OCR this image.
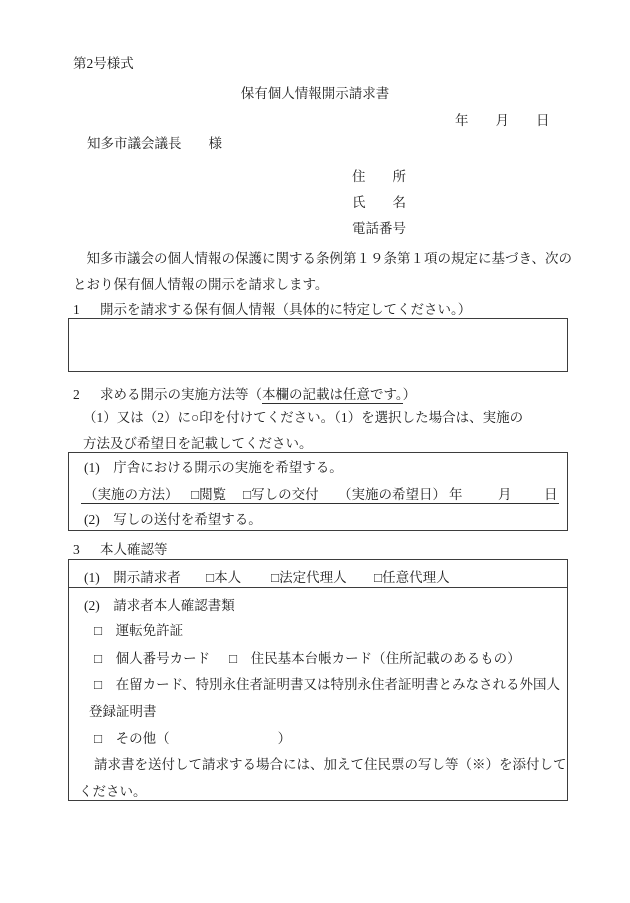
第2号様式
保有個人情報開示請求書
年　　月　　日
知多市議会議長　　様
住　　所
氏　　名
電話番号
　知多市議会の個人情報の保護に関する条例第１９条第１項の規定に基づき、次の
とおり保有個人情報の開示を請求します。
1 開示を請求する保有個人情報（具体的に特定してください。）
2 求める開示の実施方法等（本欄の記載は任意です。）
（1）又は（2）に○印を付けてください。（1）を選択した場合は、実施の
方法及び希望日を記載してください。
(1)　庁舎における開示の実施を希望する。
（実施の方法） □閲覧 □写しの交付 （実施の希望日） 年	月 日
(2)　写しの送付を希望する。
3 本人確認等
(1)　開示請求者 □本人 □法定代理人 □任意代理人
(2)　請求者本人確認書類
□　運転免許証
□　個人番号カード □　住民基本台帳カード（住所記載のあるもの）
□　在留カード、特別永住者証明書又は特別永住者証明書とみなされる外国人
登録証明書
□　その他（　　　　　　　　）
請求書を送付して請求する場合には、加えて住民票の写し等（※）を添付して
ください。
